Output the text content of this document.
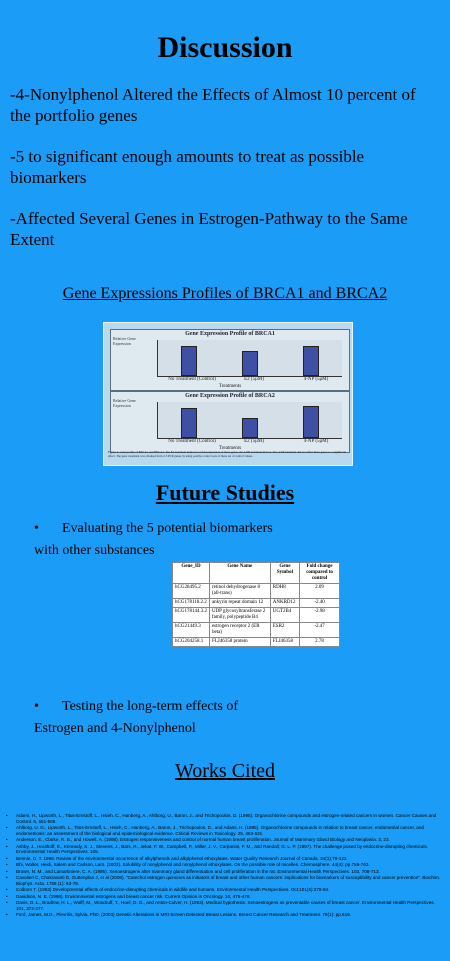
Discussion
-4-Nonylphenol Altered the Effects of Almost 10 percent of the portfolio genes
-5 to significant enough amounts to treat as possible biomarkers
-Affected Several Genes in Estrogen-Pathway to the Same Extent
Gene Expressions Profiles of BRCA1 and BRCA2
Gene Expression Profile of BRCA1
Relative Gene Expression
No Treatment (Control)	E2 (5μM)	4-NP (5μM)
Treatments
Gene Expression Profile of BRCA2
Relative Gene Expression
No Treatment (Control)	E2 (5μM)	4-NP (5μM)
Treatments
Figure 4. Gene profile of BRCA1 and BRCA2. The E2 treatment induced a 2-fold expression of these genes, the 4-NP treatment did not. The 4-NP treatment did not affect these genes to a significant effect. The gene treatment was obtained from 2-3 PCR genes by using positive control sets of these set of control values.
Future Studies
• Evaluating the 5 potential biomarkers
with other substances
Gene_ID	Gene Name	Gene Symbol	Fold change compared to control
hCG28495.2	retinol dehydrogenase 8 (all-trans)	RDH8	2.09
hCG178118.2.2	ankyrin repeat domain 12	ANKRD12	-2.40
hCG178144.3.2	UDP glycosyltransferase 2 family, polypeptide B4	UGT2B4	-2.98
hCG21449.3	estrogen receptor 2 (ER beta)	ESR2	-2.47
hCG204258.1	FLJ46358 protein	FLJ46358	2.78
• Testing the long-term effects of
Estrogen and 4-Nonylphenol
Works Cited
• Adami, H., Lipworth, L., Titus-Ernstoff, L., Hsieh, C., Hanberg, A., Ahlborg, U., Baron, J., and Trichopoulos, D. (1995). Organochlorine compounds and estrogen-related cancers in women. Cancer Causes and Control. 6, 551-566.
• Ahlborg, U. G., Lipworth, L., Titus-Ernstoff, L., Hsieh, C., Hanberg, A., Baron, J., Trichopoulos, D., and Adami, H. (1995). Organochlorine compounds in relation to breast cancer, endometrial cancer, and endometriosis: an assessment of the biological and epidemiological evidence. Critical Reviews in Toxicology. 25, 463-531.
• Anderson, E., Clarke, R. B., and Howell, A. (1998). Estrogen responsiveness and control of normal human breast proliferation. Journal of Mammary Gland Biology and Neoplasia. 3, 23.
• Ashby, J., Houthoff, E., Kennedy, S. J., Stevens, J., Bars, R., Jekat, F. W., Campbell, P., Miller, J. V., Carpanini, F. M., and Randall, G. L. P. (1997). The challenge posed by endocrine-disrupting chemicals. Environmental Health Perspectives. 105.
• Bennie, D. T. 1999. Review of the environmental occurrence of alkylphenols and alkylphenol ethoxylates. Water Quality Research Journal of Canada. 34(1):79-122.
• Bhi, Walter, Heidi, Salem and Carlson, Lars. (2003). Solubility of nonylphenol and nonylphenol ethoxylates. On the possible role of micelles. Chemosphere. 44(4): pp.759-763.
• Brown, N. M., and Lamartiniere, C. A. (1995). Xenoestrogens alter mammary gland differentiation and cell proliferation in the rat. Environmental Health Perspectives. 103, 708-713.
• Cavalieri C, Chakravarti D, Guttenplan J, et al (2006). "Catechol estrogen quinones as initiators of breast and other human cancers: implications for biomarkers of susceptibility and cancer prevention". Biochim. Biophys. Acta. 1766 (1): 63-78.
• Colborn T. (1993) Developmental effects of endocrine-disrupting chemicals in wildlife and humans. Environmental Health Perspectives. Oct;101(5):378-84.
• Davidson, N. E. (1998). Environmental estrogens and breast cancer risk. Current Opinion in Oncology. 10, 475-478.
• Davis, D. L., Bradlow, H. L., Wolff, M., Woodruff, T., Hoel, D. G., and Anton-Culver, H. (1993). Medical hypothesis: Xenoestrogens as preventable causes of breast cancer. Environmental Health Perspectives. 101, 372-377.
• Ford, James, M.D., Plevritis, Sylvia, PhD. (2003) Genetic Alterations in MRI Screen Detected Breast Lesions. Breast Cancer Research and Treatment. 76(1): pp.619.
